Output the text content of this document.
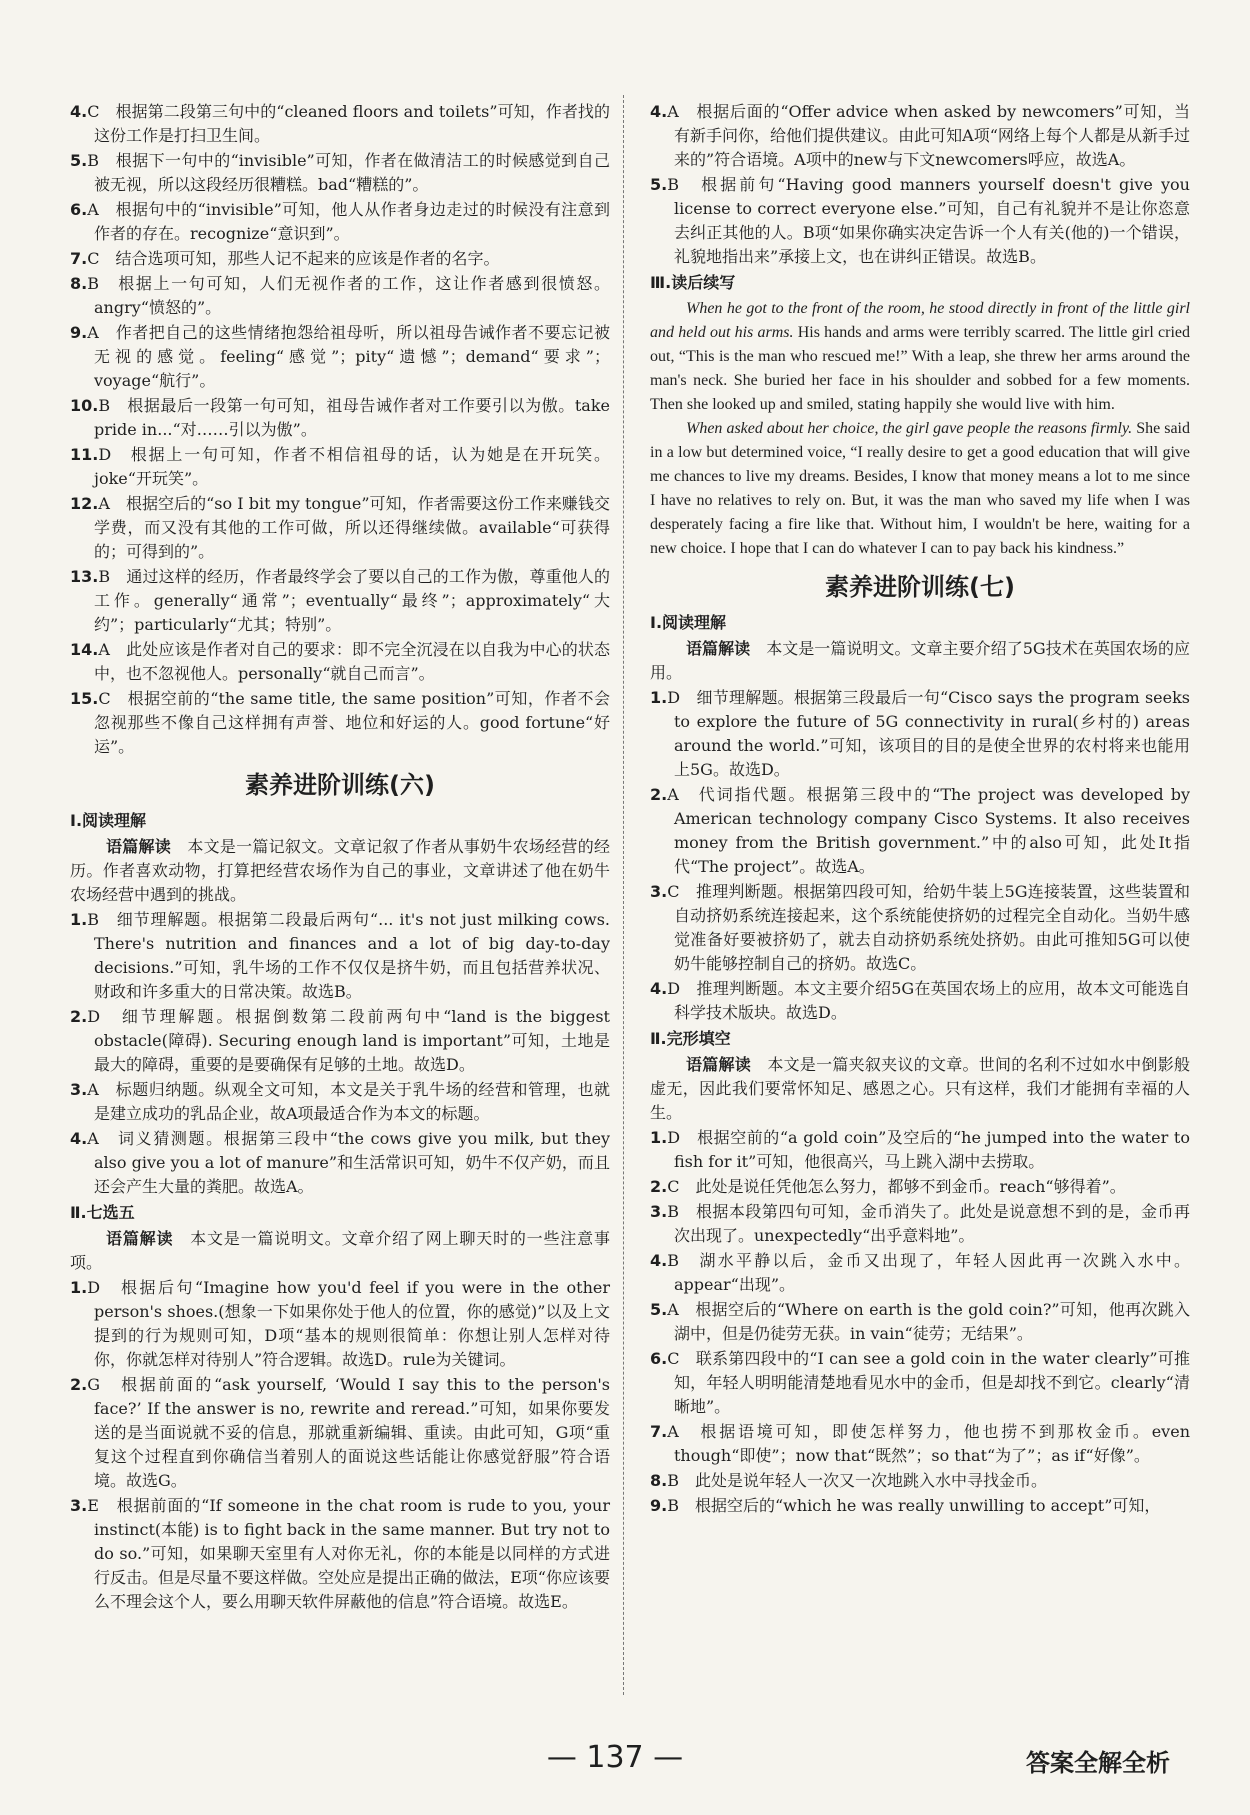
4.C　根据第二段第三句中的“cleaned floors and toilets”可知，作者找的这份工作是打扫卫生间。

5.B　根据下一句中的“invisible”可知，作者在做清洁工的时候感觉到自己被无视，所以这段经历很糟糕。bad“糟糕的”。

6.A　根据句中的“invisible”可知，他人从作者身边走过的时候没有注意到作者的存在。recognize“意识到”。

7.C　结合选项可知，那些人记不起来的应该是作者的名字。

8.B　根据上一句可知，人们无视作者的工作，这让作者感到很愤怒。angry“愤怒的”。

9.A　作者把自己的这些情绪抱怨给祖母听，所以祖母告诫作者不要忘记被无视的感觉。feeling“感觉”；pity“遗憾”；demand“要求”；voyage“航行”。

10.B　根据最后一段第一句可知，祖母告诫作者对工作要引以为傲。take pride in...“对……引以为傲”。

11.D　根据上一句可知，作者不相信祖母的话，认为她是在开玩笑。joke“开玩笑”。

12.A　根据空后的“so I bit my tongue”可知，作者需要这份工作来赚钱交学费，而又没有其他的工作可做，所以还得继续做。available“可获得的；可得到的”。

13.B　通过这样的经历，作者最终学会了要以自己的工作为傲，尊重他人的工作。generally“通常”；eventually“最终”；approximately“大约”；particularly“尤其；特别”。

14.A　此处应该是作者对自己的要求：即不完全沉浸在以自我为中心的状态中，也不忽视他人。personally“就自己而言”。

15.C　根据空前的“the same title, the same position”可知，作者不会忽视那些不像自己这样拥有声誉、地位和好运的人。good fortune“好运”。

素养进阶训练(六)
Ⅰ.阅读理解

语篇解读　 本文是一篇记叙文。文章记叙了作者从事奶牛农场经营的经历。作者喜欢动物，打算把经营农场作为自己的事业，文章讲述了他在奶牛农场经营中遇到的挑战。

1.B　细节理解题。根据第二段最后两句“... it's not just milking cows. There's nutrition and finances and a lot of big day-to-day decisions.”可知，乳牛场的工作不仅仅是挤牛奶，而且包括营养状况、财政和许多重大的日常决策。故选B。

2.D　细节理解题。根据倒数第二段前两句中“land is the biggest obstacle(障碍). Securing enough land is important”可知，土地是最大的障碍，重要的是要确保有足够的土地。故选D。

3.A　标题归纳题。纵观全文可知，本文是关于乳牛场的经营和管理，也就是建立成功的乳品企业，故A项最适合作为本文的标题。

4.A　词义猜测题。根据第三段中“the cows give you milk, but they also give you a lot of manure”和生活常识可知，奶牛不仅产奶，而且还会产生大量的粪肥。故选A。

Ⅱ.七选五

语篇解读　 本文是一篇说明文。文章介绍了网上聊天时的一些注意事项。

1.D　根据后句“Imagine how you'd feel if you were in the other person's shoes.(想象一下如果你处于他人的位置，你的感觉)”以及上文提到的行为规则可知，D项“基本的规则很简单：你想让别人怎样对待你，你就怎样对待别人”符合逻辑。故选D。rule为关键词。

2.G　根据前面的“ask yourself, ‘Would I say this to the person's face?’ If the answer is no, rewrite and reread.”可知，如果你要发送的是当面说就不妥的信息，那就重新编辑、重读。由此可知，G项“重复这个过程直到你确信当着别人的面说这些话能让你感觉舒服”符合语境。故选G。

3.E　根据前面的“If someone in the chat room is rude to you, your instinct(本能) is to fight back in the same manner. But try not to do so.”可知，如果聊天室里有人对你无礼，你的本能是以同样的方式进行反击。但是尽量不要这样做。空处应是提出正确的做法，E项“你应该要么不理会这个人，要么用聊天软件屏蔽他的信息”符合语境。故选E。

4.A　根据后面的“Offer advice when asked by newcomers”可知，当有新手问你，给他们提供建议。由此可知A项“网络上每个人都是从新手过来的”符合语境。A项中的new与下文newcomers呼应，故选A。

5.B　根据前句“Having good manners yourself doesn't give you license to correct everyone else.”可知，自己有礼貌并不是让你恣意去纠正其他的人。B项“如果你确实决定告诉一个人有关(他的)一个错误，礼貌地指出来”承接上文，也在讲纠正错误。故选B。

Ⅲ.读后续写

When he got to the front of the room, he stood directly in front of the little girl and held out his arms. His hands and arms were terribly scarred. The little girl cried out, “This is the man who rescued me!” With a leap, she threw her arms around the man's neck. She buried her face in his shoulder and sobbed for a few moments. Then she looked up and smiled, stating happily she would live with him.

When asked about her choice, the girl gave people the reasons firmly. She said in a low but determined voice, “I really desire to get a good education that will give me chances to live my dreams. Besides, I know that money means a lot to me since I have no relatives to rely on. But, it was the man who saved my life when I was desperately facing a fire like that. Without him, I wouldn't be here, waiting for a new choice. I hope that I can do whatever I can to pay back his kindness.”

素养进阶训练(七)
Ⅰ.阅读理解

语篇解读　 本文是一篇说明文。文章主要介绍了5G技术在英国农场的应用。

1.D　细节理解题。根据第三段最后一句“Cisco says the program seeks to explore the future of 5G connectivity in rural(乡村的) areas around the world.”可知，该项目的目的是使全世界的农村将来也能用上5G。故选D。

2.A　代词指代题。根据第三段中的“The project was developed by American technology company Cisco Systems. It also receives money from the British government.”中的also可知，此处It指代“The project”。故选A。

3.C　推理判断题。根据第四段可知，给奶牛装上5G连接装置，这些装置和自动挤奶系统连接起来，这个系统能使挤奶的过程完全自动化。当奶牛感觉准备好要被挤奶了，就去自动挤奶系统处挤奶。由此可推知5G可以使奶牛能够控制自己的挤奶。故选C。

4.D　推理判断题。本文主要介绍5G在英国农场上的应用，故本文可能选自科学技术版块。故选D。

Ⅱ.完形填空

语篇解读　 本文是一篇夹叙夹议的文章。世间的名利不过如水中倒影般虚无，因此我们要常怀知足、感恩之心。只有这样，我们才能拥有幸福的人生。

1.D　根据空前的“a gold coin”及空后的“he jumped into the water to fish for it”可知，他很高兴，马上跳入湖中去捞取。

2.C　此处是说任凭他怎么努力，都够不到金币。reach“够得着”。

3.B　根据本段第四句可知，金币消失了。此处是说意想不到的是，金币再次出现了。unexpectedly“出乎意料地”。

4.B　湖水平静以后，金币又出现了，年轻人因此再一次跳入水中。appear“出现”。

5.A　根据空后的“Where on earth is the gold coin?”可知，他再次跳入湖中，但是仍徒劳无获。in vain“徒劳；无结果”。

6.C　联系第四段中的“I can see a gold coin in the water clearly”可推知，年轻人明明能清楚地看见水中的金币，但是却找不到它。clearly“清晰地”。

7.A　根据语境可知，即使怎样努力，他也捞不到那枚金币。even though“即使”；now that“既然”；so that“为了”；as if“好像”。

8.B　此处是说年轻人一次又一次地跳入水中寻找金币。

9.B　根据空后的“which he was really unwilling to accept”可知，

— 137 —	答案全解全析
